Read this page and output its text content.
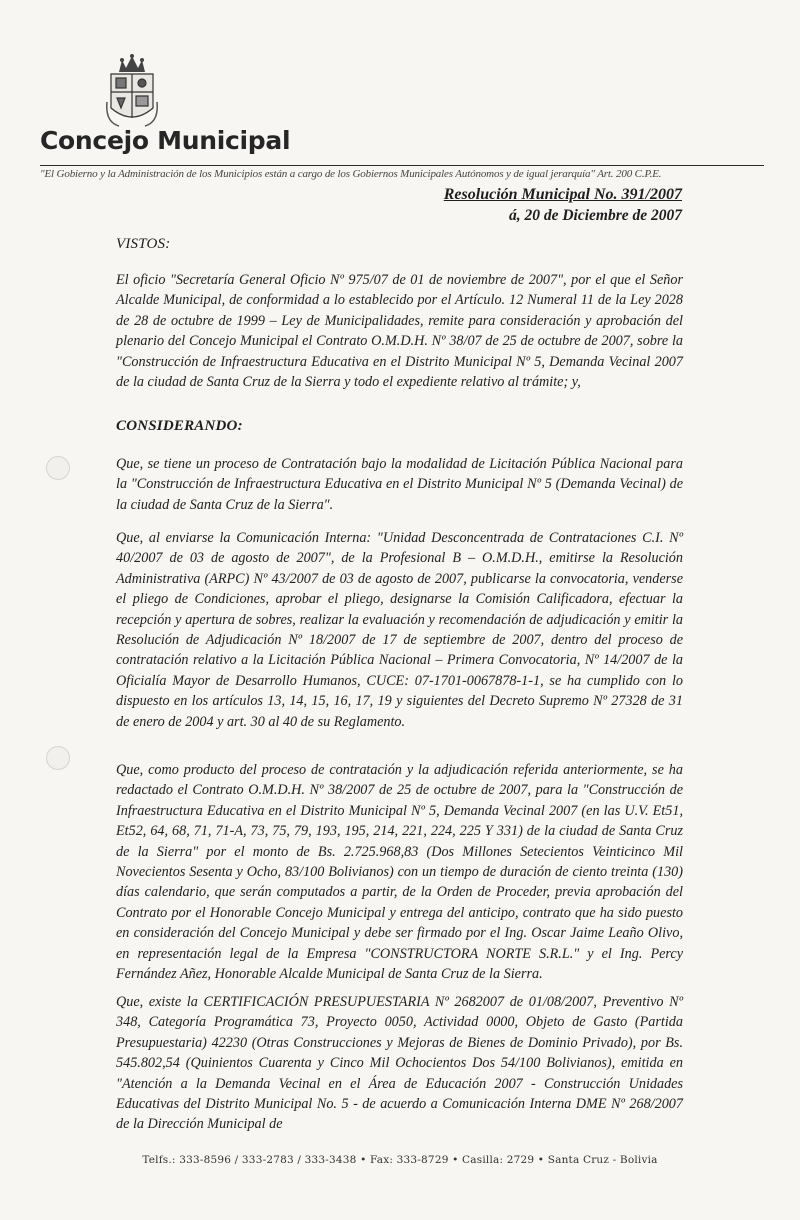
Concejo Municipal
"El Gobierno y la Administración de los Municipios están a cargo de los Gobiernos Municipales Autónomos y de igual jerarquía" Art. 200 C.P.E.
Resolución Municipal No. 391/2007
á, 20 de Diciembre de 2007
VISTOS:
El oficio "Secretaría General Oficio Nº 975/07 de 01 de noviembre de 2007", por el que el Señor Alcalde Municipal, de conformidad a lo establecido por el Artículo. 12 Numeral 11 de la Ley 2028 de 28 de octubre de 1999 – Ley de Municipalidades, remite para consideración y aprobación del plenario del Concejo Municipal el Contrato O.M.D.H. Nº 38/07 de 25 de octubre de 2007, sobre la "Construcción de Infraestructura Educativa en el Distrito Municipal Nº 5, Demanda Vecinal 2007 de la ciudad de Santa Cruz de la Sierra y todo el expediente relativo al trámite; y,
CONSIDERANDO:
Que, se tiene un proceso de Contratación bajo la modalidad de Licitación Pública Nacional para la "Construcción de Infraestructura Educativa en el Distrito Municipal Nº 5 (Demanda Vecinal) de la ciudad de Santa Cruz de la Sierra".
Que, al enviarse la Comunicación Interna: "Unidad Desconcentrada de Contrataciones C.I. Nº 40/2007 de 03 de agosto de 2007", de la Profesional B – O.M.D.H., emitirse la Resolución Administrativa (ARPC) Nº 43/2007 de 03 de agosto de 2007, publicarse la convocatoria, venderse el pliego de Condiciones, aprobar el pliego, designarse la Comisión Calificadora, efectuar la recepción y apertura de sobres, realizar la evaluación y recomendación de adjudicación y emitir la Resolución de Adjudicación Nº 18/2007 de 17 de septiembre de 2007, dentro del proceso de contratación relativo a la Licitación Pública Nacional – Primera Convocatoria, Nº 14/2007 de la Oficialía Mayor de Desarrollo Humanos, CUCE: 07-1701-0067878-1-1, se ha cumplido con lo dispuesto en los artículos 13, 14, 15, 16, 17, 19 y siguientes del Decreto Supremo Nº 27328 de 31 de enero de 2004 y art. 30 al 40 de su Reglamento.
Que, como producto del proceso de contratación y la adjudicación referida anteriormente, se ha redactado el Contrato O.M.D.H. Nº 38/2007 de 25 de octubre de 2007, para la "Construcción de Infraestructura Educativa en el Distrito Municipal Nº 5, Demanda Vecinal 2007 (en las U.V. Et51, Et52, 64, 68, 71, 71-A, 73, 75, 79, 193, 195, 214, 221, 224, 225 Y 331) de la ciudad de Santa Cruz de la Sierra" por el monto de Bs. 2.725.968,83 (Dos Millones Setecientos Veinticinco Mil Novecientos Sesenta y Ocho, 83/100 Bolivianos) con un tiempo de duración de ciento treinta (130) días calendario, que serán computados a partir, de la Orden de Proceder, previa aprobación del Contrato por el Honorable Concejo Municipal y entrega del anticipo, contrato que ha sido puesto en consideración del Concejo Municipal y debe ser firmado por el Ing. Oscar Jaime Leaño Olivo, en representación legal de la Empresa "CONSTRUCTORA NORTE S.R.L." y el Ing. Percy Fernández Añez, Honorable Alcalde Municipal de Santa Cruz de la Sierra.
Que, existe la CERTIFICACIÓN PRESUPUESTARIA Nº 2682007 de 01/08/2007, Preventivo Nº 348, Categoría Programática 73, Proyecto 0050, Actividad 0000, Objeto de Gasto (Partida Presupuestaria) 42230 (Otras Construcciones y Mejoras de Bienes de Dominio Privado), por Bs. 545.802,54 (Quinientos Cuarenta y Cinco Mil Ochocientos Dos 54/100 Bolivianos), emitida en "Atención a la Demanda Vecinal en el Área de Educación 2007 - Construcción Unidades Educativas del Distrito Municipal No. 5 - de acuerdo a Comunicación Interna DME Nº 268/2007 de la Dirección Municipal de
Telfs.: 333-8596 / 333-2783 / 333-3438 • Fax: 333-8729 • Casilla: 2729 • Santa Cruz - Bolivia
